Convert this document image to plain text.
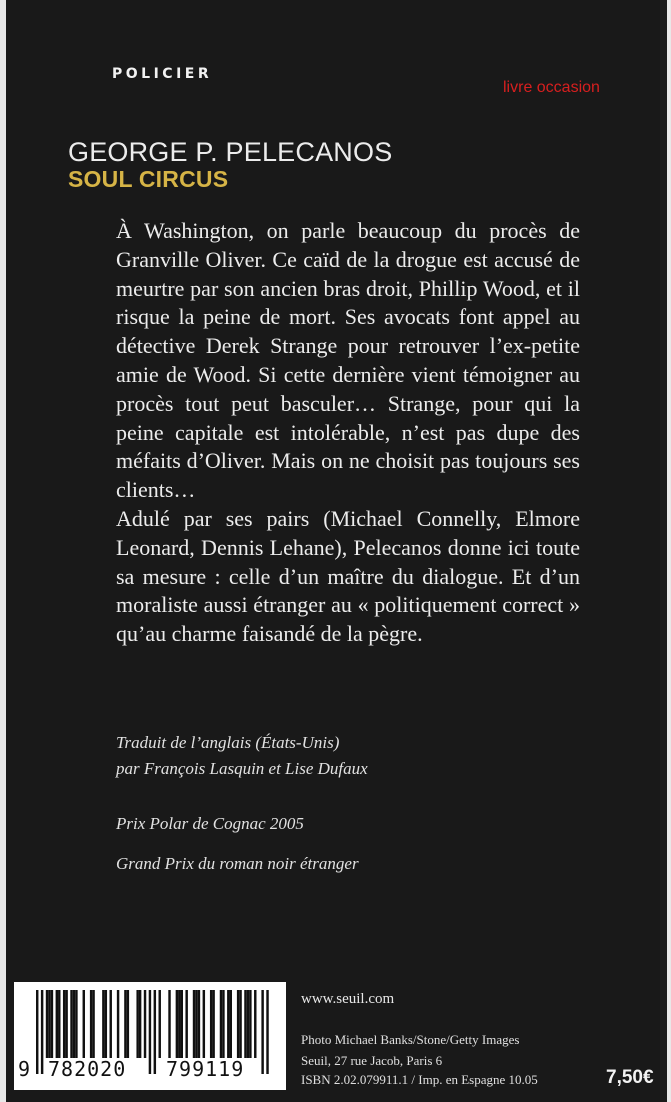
POLICIER
livre occasion
GEORGE P. PELECANOS
SOUL CIRCUS

À Washington, on parle beaucoup du procès de Granville Oliver. Ce caïd de la drogue est accusé de meurtre par son ancien bras droit, Phillip Wood, et il risque la peine de mort. Ses avocats font appel au détective Derek Strange pour retrouver l’ex-petite amie de Wood. Si cette dernière vient témoigner au procès tout peut basculer… Strange, pour qui la peine capitale est intolérable, n’est pas dupe des méfaits d’Oliver. Mais on ne choisit pas toujours ses clients…

Adulé par ses pairs (Michael Connelly, Elmore Leonard, Dennis Lehane), Pelecanos donne ici toute sa mesure : celle d’un maître du dialogue. Et d’un moraliste aussi étranger au « politiquement correct » qu’au charme faisandé de la pègre.

Traduit de l’anglais (États-Unis)
par François Lasquin et Lise Dufaux
Prix Polar de Cognac 2005
Grand Prix du roman noir étranger
9 782020 799119
www.seuil.com
Photo Michael Banks/Stone/Getty Images
Seuil, 27 rue Jacob, Paris 6
ISBN 2.02.079911.1 / Imp. en Espagne 10.05	7,50€
